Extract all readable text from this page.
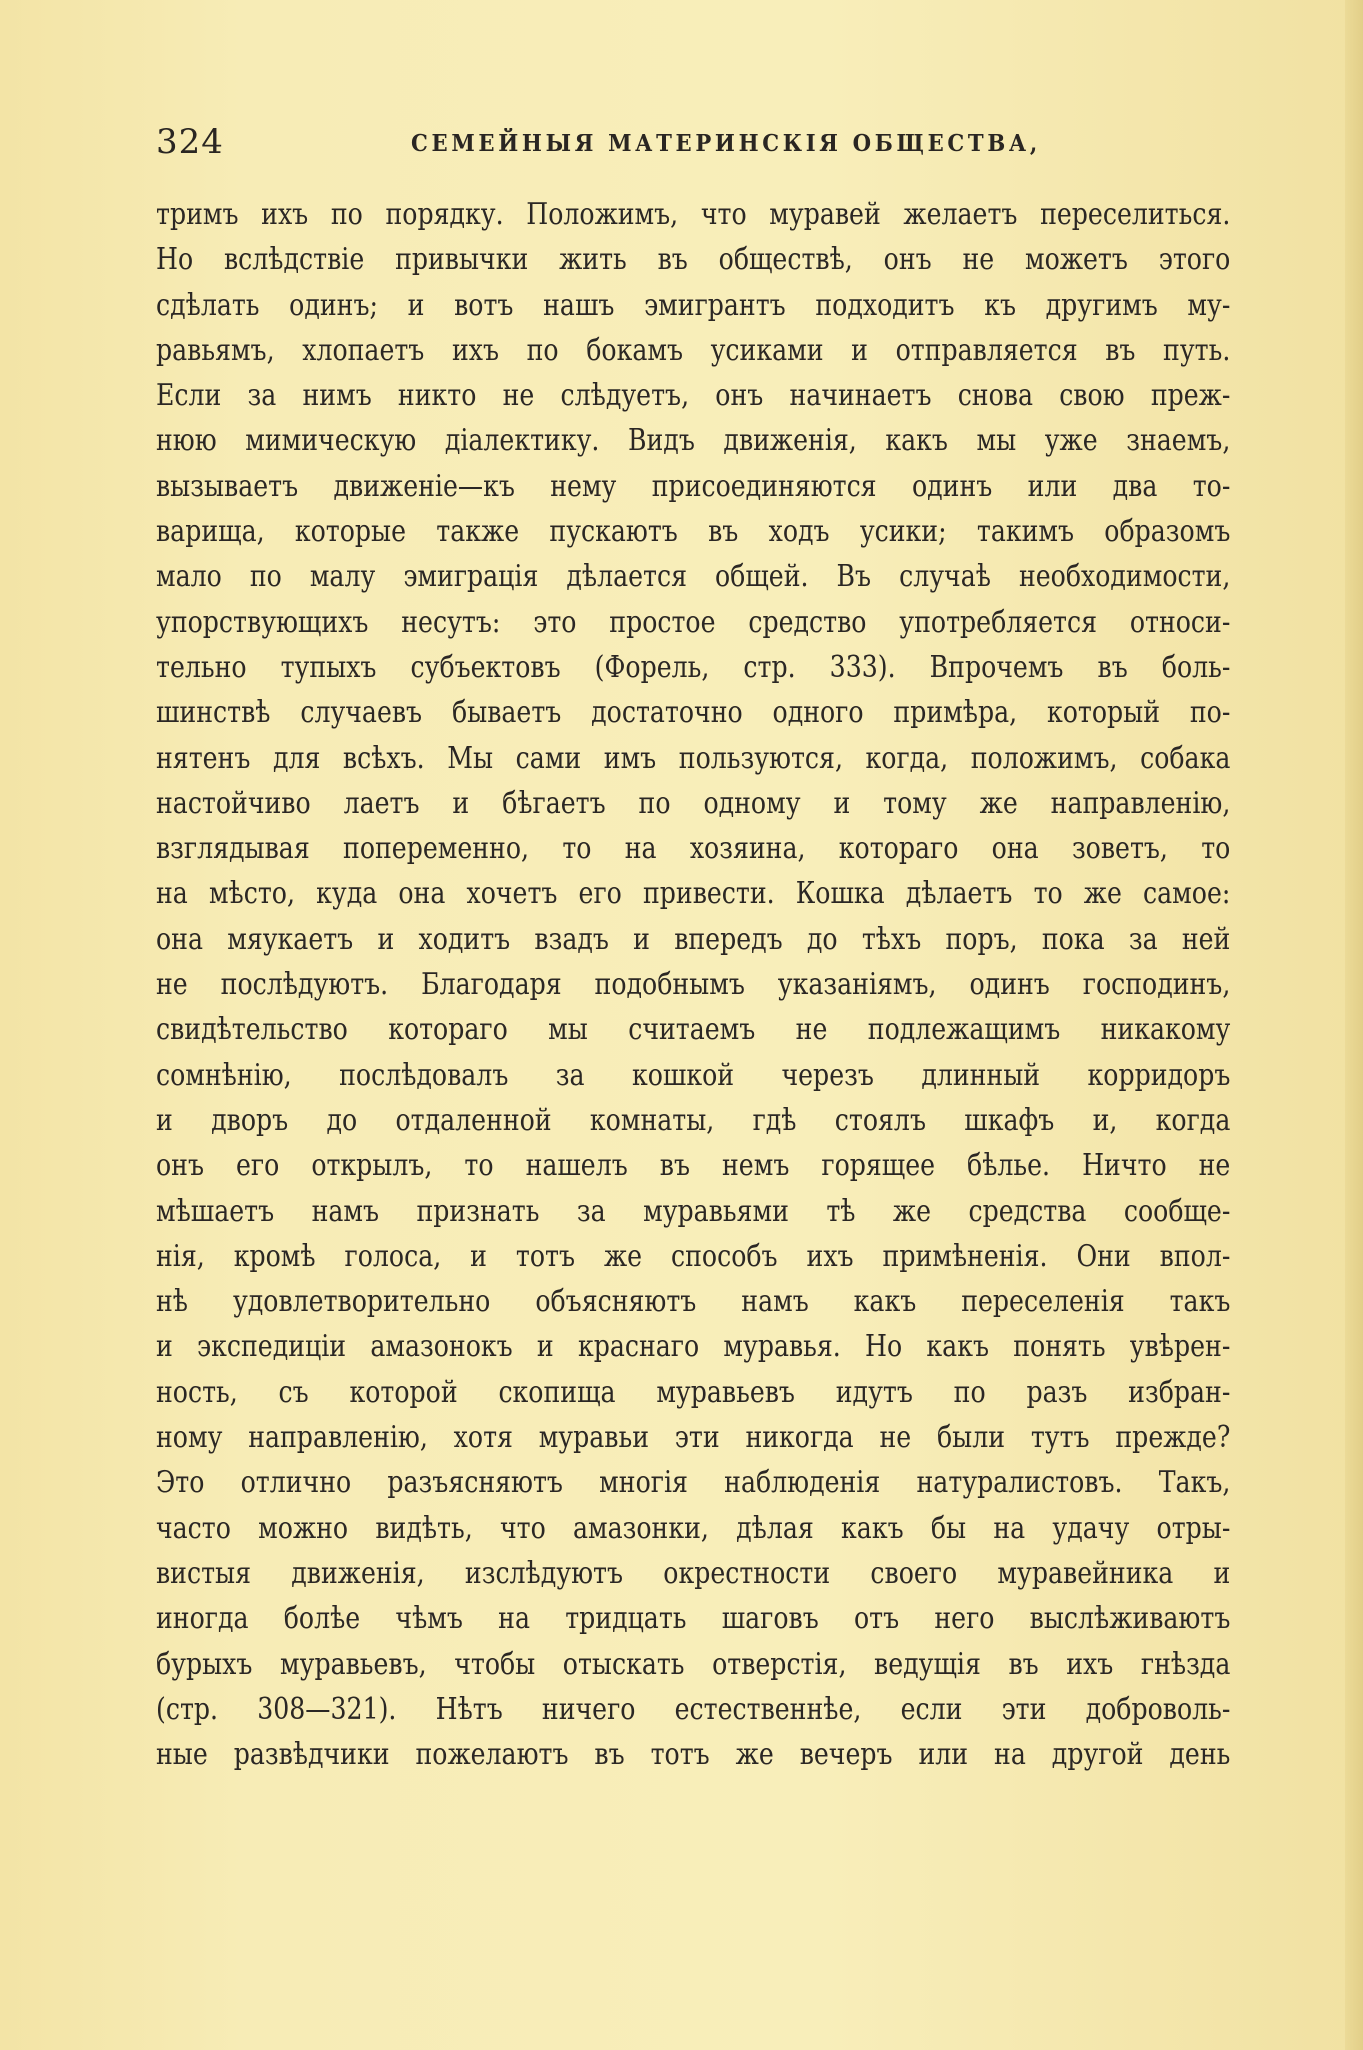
324	СЕМЕЙНЫЯ МАТЕРИНСКІЯ ОБЩЕСТВА,
тримъ ихъ по порядку. Положимъ, что муравей желаетъ переселиться.
Но вслѣдствіе привычки жить въ обществѣ, онъ не можетъ этого
сдѣлать одинъ; и вотъ нашъ эмигрантъ подходитъ къ другимъ му-
равьямъ, хлопаетъ ихъ по бокамъ усиками и отправляется въ путь.
Если за нимъ никто не слѣдуетъ, онъ начинаетъ снова свою преж-
нюю мимическую діалектику. Видъ движенія, какъ мы уже знаемъ,
вызываетъ движеніе—къ нему присоединяются одинъ или два то-
варища, которые также пускаютъ въ ходъ усики; такимъ образомъ
мало по малу эмиграція дѣлается общей. Въ случаѣ необходимости,
упорствующихъ несутъ: это простое средство употребляется относи-
тельно тупыхъ субъектовъ (Форель, стр. 333). Впрочемъ въ боль-
шинствѣ случаевъ бываетъ достаточно одного примѣра, который по-
нятенъ для всѣхъ. Мы сами имъ пользуются, когда, положимъ, собака
настойчиво лаетъ и бѣгаетъ по одному и тому же направленію,
взглядывая попеременно, то на хозяина, котораго она зоветъ, то
на мѣсто, куда она хочетъ его привести. Кошка дѣлаетъ то же самое:
она мяукаетъ и ходитъ взадъ и впередъ до тѣхъ поръ, пока за ней
не послѣдуютъ. Благодаря подобнымъ указаніямъ, одинъ господинъ,
свидѣтельство котораго мы считаемъ не подлежащимъ никакому
сомнѣнію, послѣдовалъ за кошкой черезъ длинный корридоръ
и дворъ до отдаленной комнаты, гдѣ стоялъ шкафъ и, когда
онъ его открылъ, то нашелъ въ немъ горящее бѣлье. Ничто не
мѣшаетъ намъ признать за муравьями тѣ же средства сообще-
нія, кромѣ голоса, и тотъ же способъ ихъ примѣненія. Они впол-
нѣ удовлетворительно объясняютъ намъ какъ переселенія такъ
и экспедиціи амазонокъ и краснаго муравья. Но какъ понять увѣрен-
ность, съ которой скопища муравьевъ идутъ по разъ избран-
ному направленію, хотя муравьи эти никогда не были тутъ прежде?
Это отлично разъясняютъ многія наблюденія натуралистовъ. Такъ,
часто можно видѣть, что амазонки, дѣлая какъ бы на удачу отры-
вистыя движенія, изслѣдуютъ окрестности своего муравейника и
иногда болѣе чѣмъ на тридцать шаговъ отъ него выслѣживаютъ
бурыхъ муравьевъ, чтобы отыскать отверстія, ведущія въ ихъ гнѣзда
(стр. 308—321). Нѣтъ ничего естественнѣе, если эти доброволь-
ные развѣдчики пожелаютъ въ тотъ же вечеръ или на другой день
